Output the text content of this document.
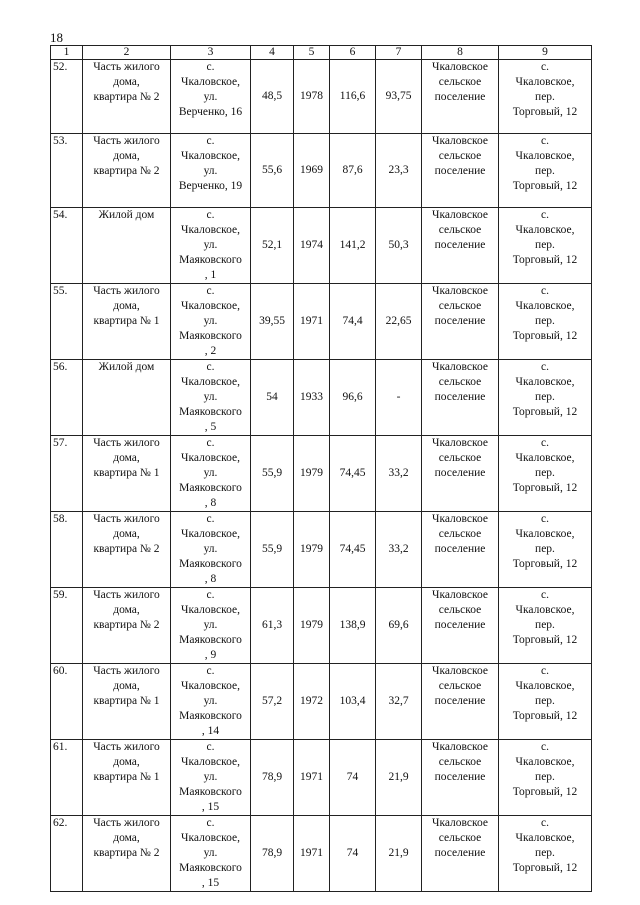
18
1	2	3	4	5	6	7	8	9
52.	Часть жилого
дома,
квартира № 2	с.
Чкаловское,
ул.
Верченко, 16	48,5	1978	116,6	93,75	Чкаловское
сельское
поселение	с.
Чкаловское,
пер.
Торговый, 12

53.	Часть жилого
дома,
квартира № 2	с.
Чкаловское,
ул.
Верченко, 19	55,6	1969	87,6	23,3	Чкаловское
сельское
поселение	с.
Чкаловское,
пер.
Торговый, 12

54.	Жилой дом	с.
Чкаловское,
ул.
Маяковского
, 1	52,1	1974	141,2	50,3	Чкаловское
сельское
поселение	с.
Чкаловское,
пер.
Торговый, 12

55.	Часть жилого
дома,
квартира № 1	с.
Чкаловское,
ул.
Маяковского
, 2	39,55	1971	74,4	22,65	Чкаловское
сельское
поселение	с.
Чкаловское,
пер.
Торговый, 12

56.	Жилой дом	с.
Чкаловское,
ул.
Маяковского
, 5	54	1933	96,6	-	Чкаловское
сельское
поселение	с.
Чкаловское,
пер.
Торговый, 12

57.	Часть жилого
дома,
квартира № 1	с.
Чкаловское,
ул.
Маяковского
, 8	55,9	1979	74,45	33,2	Чкаловское
сельское
поселение	с.
Чкаловское,
пер.
Торговый, 12

58.	Часть жилого
дома,
квартира № 2	с.
Чкаловское,
ул.
Маяковского
, 8	55,9	1979	74,45	33,2	Чкаловское
сельское
поселение	с.
Чкаловское,
пер.
Торговый, 12

59.	Часть жилого
дома,
квартира № 2	с.
Чкаловское,
ул.
Маяковского
, 9	61,3	1979	138,9	69,6	Чкаловское
сельское
поселение	с.
Чкаловское,
пер.
Торговый, 12

60.	Часть жилого
дома,
квартира № 1	с.
Чкаловское,
ул.
Маяковского
, 14	57,2	1972	103,4	32,7	Чкаловское
сельское
поселение	с.
Чкаловское,
пер.
Торговый, 12

61.	Часть жилого
дома,
квартира № 1	с.
Чкаловское,
ул.
Маяковского
, 15	78,9	1971	74	21,9	Чкаловское
сельское
поселение	с.
Чкаловское,
пер.
Торговый, 12

62.	Часть жилого
дома,
квартира № 2	с.
Чкаловское,
ул.
Маяковского
, 15	78,9	1971	74	21,9	Чкаловское
сельское
поселение	с.
Чкаловское,
пер.
Торговый, 12
